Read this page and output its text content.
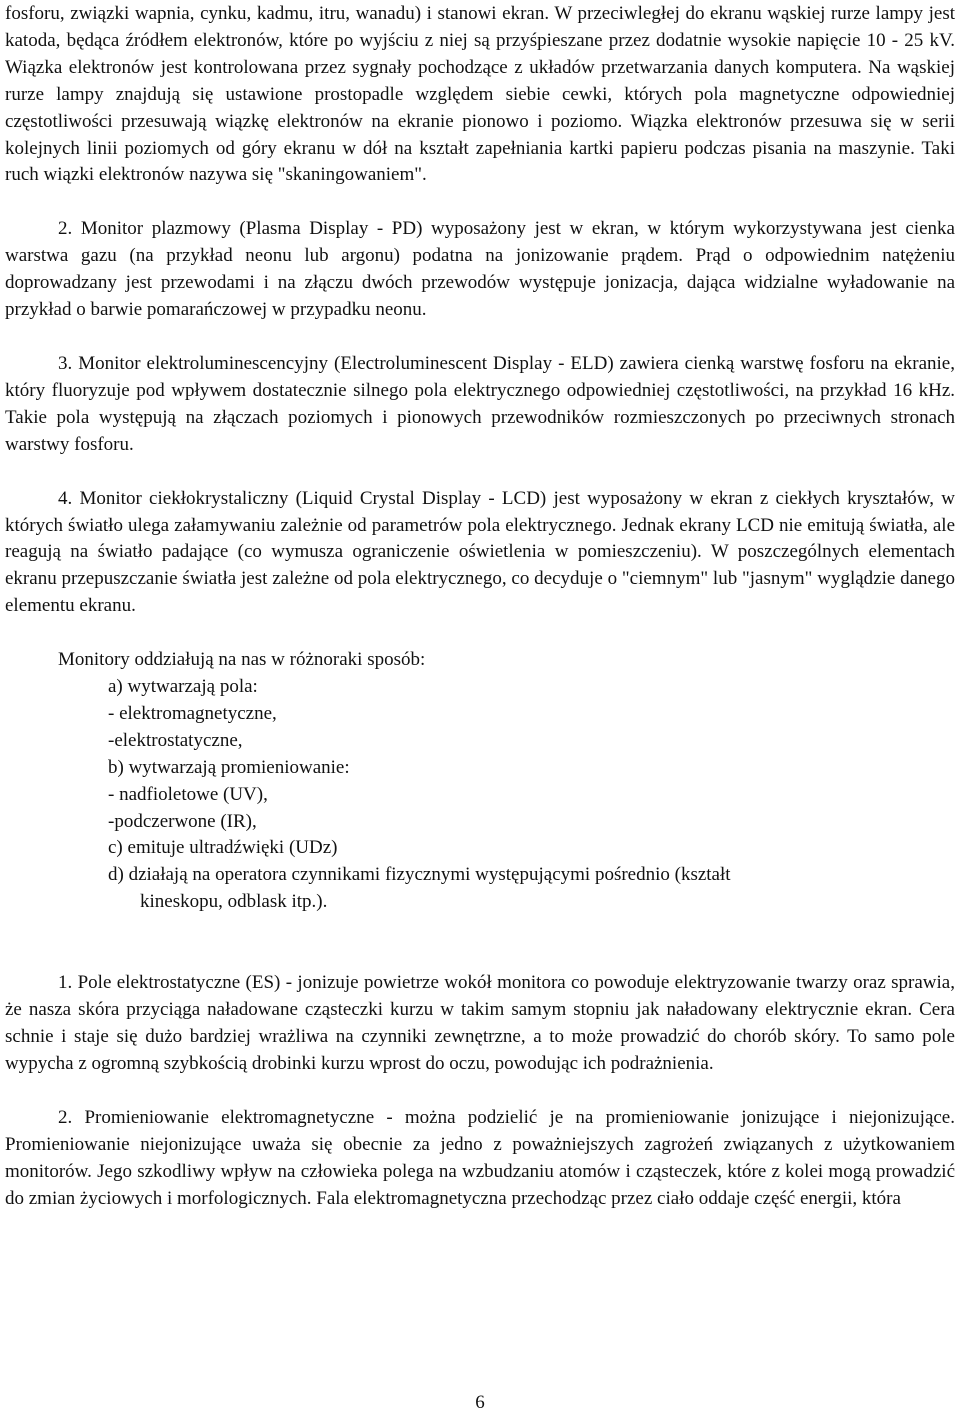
fosforu, związki wapnia, cynku, kadmu, itru, wanadu) i stanowi ekran. W przeciwległej do ekranu wąskiej rurze lampy jest katoda, będąca źródłem elektronów, które po wyjściu z niej są przyśpieszane przez dodatnie wysokie napięcie 10 - 25 kV. Wiązka elektronów jest kontrolowana przez sygnały pochodzące z układów przetwarzania danych komputera. Na wąskiej rurze lampy znajdują się ustawione prostopadle względem siebie cewki, których pola magnetyczne odpowiedniej częstotliwości przesuwają wiązkę elektronów na ekranie pionowo i poziomo. Wiązka elektronów przesuwa się w serii kolejnych linii poziomych od góry ekranu w dół na kształt zapełniania kartki papieru podczas pisania na maszynie. Taki ruch wiązki elektronów nazywa się "skaningowaniem".

2. Monitor plazmowy (Plasma Display - PD) wyposażony jest w ekran, w którym wykorzystywana jest cienka warstwa gazu (na przykład neonu lub argonu) podatna na jonizowanie prądem. Prąd o odpowiednim natężeniu doprowadzany jest przewodami i na złączu dwóch przewodów występuje jonizacja, dająca widzialne wyładowanie na przykład o barwie pomarańczowej w przypadku neonu.

3. Monitor elektroluminescencyjny (Electroluminescent Display - ELD) zawiera cienką warstwę fosforu na ekranie, który fluoryzuje pod wpływem dostatecznie silnego pola elektrycznego odpowiedniej częstotliwości, na przykład 16 kHz. Takie pola występują na złączach poziomych i pionowych przewodników rozmieszczonych po przeciwnych stronach warstwy fosforu.

4. Monitor ciekłokrystaliczny (Liquid Crystal Display - LCD) jest wyposażony w ekran z ciekłych kryształów, w których światło ulega załamywaniu zależnie od parametrów pola elektrycznego. Jednak ekrany LCD nie emitują światła, ale reagują na światło padające (co wymusza ograniczenie oświetlenia w pomieszczeniu). W poszczególnych elementach ekranu przepuszczanie światła jest zależne od pola elektrycznego, co decyduje o "ciemnym" lub "jasnym" wyglądzie danego elementu ekranu.

Monitory oddziałują na nas w różnoraki sposób:

a) wytwarzają pola:

- elektromagnetyczne,

-elektrostatyczne,

b) wytwarzają promieniowanie:

- nadfioletowe (UV),

-podczerwone (IR),

c) emituje ultradźwięki (UDz)

d) działają na operatora czynnikami fizycznymi występującymi pośrednio (kształt

kineskopu, odblask itp.).

1. Pole elektrostatyczne (ES) - jonizuje powietrze wokół monitora co powoduje elektryzowanie twarzy oraz sprawia, że nasza skóra przyciąga naładowane cząsteczki kurzu w takim samym stopniu jak naładowany elektrycznie ekran. Cera schnie i staje się dużo bardziej wrażliwa na czynniki zewnętrzne, a to może prowadzić do chorób skóry. To samo pole wypycha z ogromną szybkością drobinki kurzu wprost do oczu, powodując ich podrażnienia.

2. Promieniowanie elektromagnetyczne - można podzielić je na promieniowanie jonizujące i niejonizujące. Promieniowanie niejonizujące uważa się obecnie za jedno z poważniejszych zagrożeń związanych z użytkowaniem monitorów. Jego szkodliwy wpływ na człowieka polega na wzbudzaniu atomów i cząsteczek, które z kolei mogą prowadzić do zmian życiowych i morfologicznych. Fala elektromagnetyczna przechodząc przez ciało oddaje część energii, która

6
